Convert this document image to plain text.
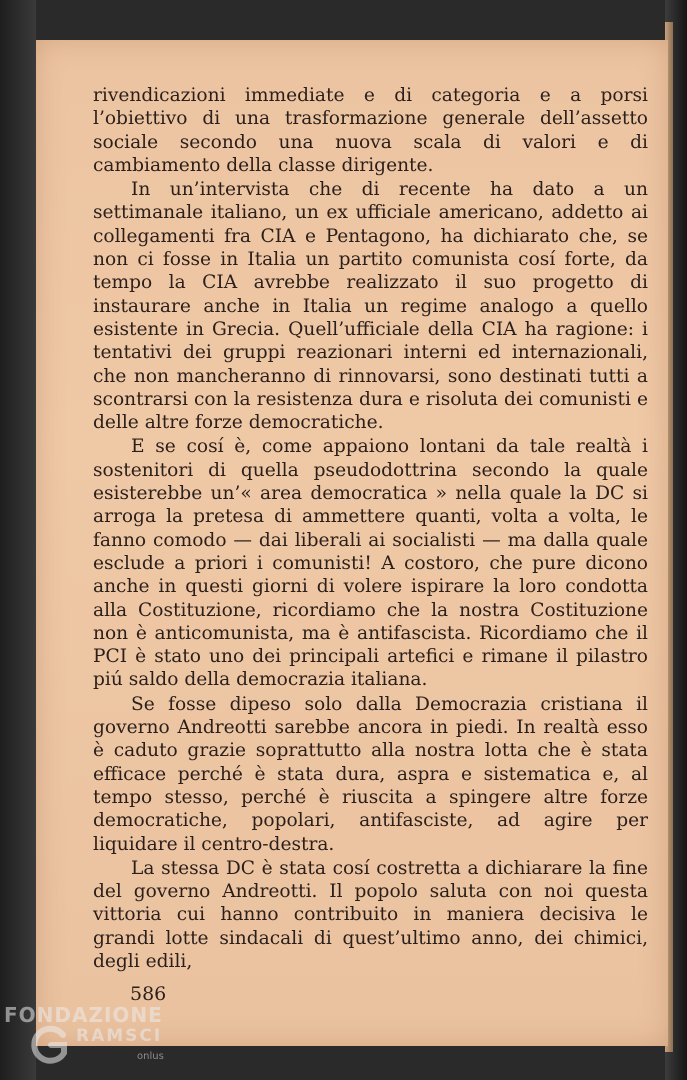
rivendicazioni immediate e di categoria e a porsi l’obiettivo di una trasformazione generale dell’assetto sociale secondo una nuova scala di valori e di cambiamento della classe dirigente.

In un’intervista che di recente ha dato a un settimanale italiano, un ex ufficiale americano, addetto ai collegamenti fra CIA e Pentagono, ha dichiarato che, se non ci fosse in Italia un partito comunista cosí forte, da tempo la CIA avrebbe realizzato il suo progetto di instaurare anche in Italia un regime analogo a quello esistente in Grecia. Quell’ufficiale della CIA ha ragione: i tentativi dei gruppi reazionari interni ed internazionali, che non mancheranno di rinnovarsi, sono destinati tutti a scontrarsi con la resistenza dura e risoluta dei comunisti e delle altre forze democratiche.

E se cosí è, come appaiono lontani da tale realtà i sostenitori di quella pseudodottrina secondo la quale esisterebbe un’« area democratica » nella quale la DC si arroga la pretesa di ammettere quanti, volta a volta, le fanno comodo — dai liberali ai socialisti — ma dalla quale esclude a priori i comunisti! A costoro, che pure dicono anche in questi giorni di volere ispirare la loro condotta alla Costituzione, ricordiamo che la nostra Costituzione non è anticomunista, ma è antifascista. Ricordiamo che il PCI è stato uno dei principali artefici e rimane il pilastro piú saldo della democrazia italiana.

Se fosse dipeso solo dalla Democrazia cristiana il governo Andreotti sarebbe ancora in piedi. In realtà esso è caduto grazie soprattutto alla nostra lotta che è stata efficace perché è stata dura, aspra e sistematica e, al tempo stesso, perché è riuscita a spingere altre forze democratiche, popolari, antifasciste, ad agire per liquidare il centro-destra.

La stessa DC è stata cosí costretta a dichiarare la fine del governo Andreotti. Il popolo saluta con noi questa vittoria cui hanno contribuito in maniera decisiva le grandi lotte sindacali di quest’ultimo anno, dei chimici, degli edili,

586
FONDAZIONE
RAMSCI
onlus
